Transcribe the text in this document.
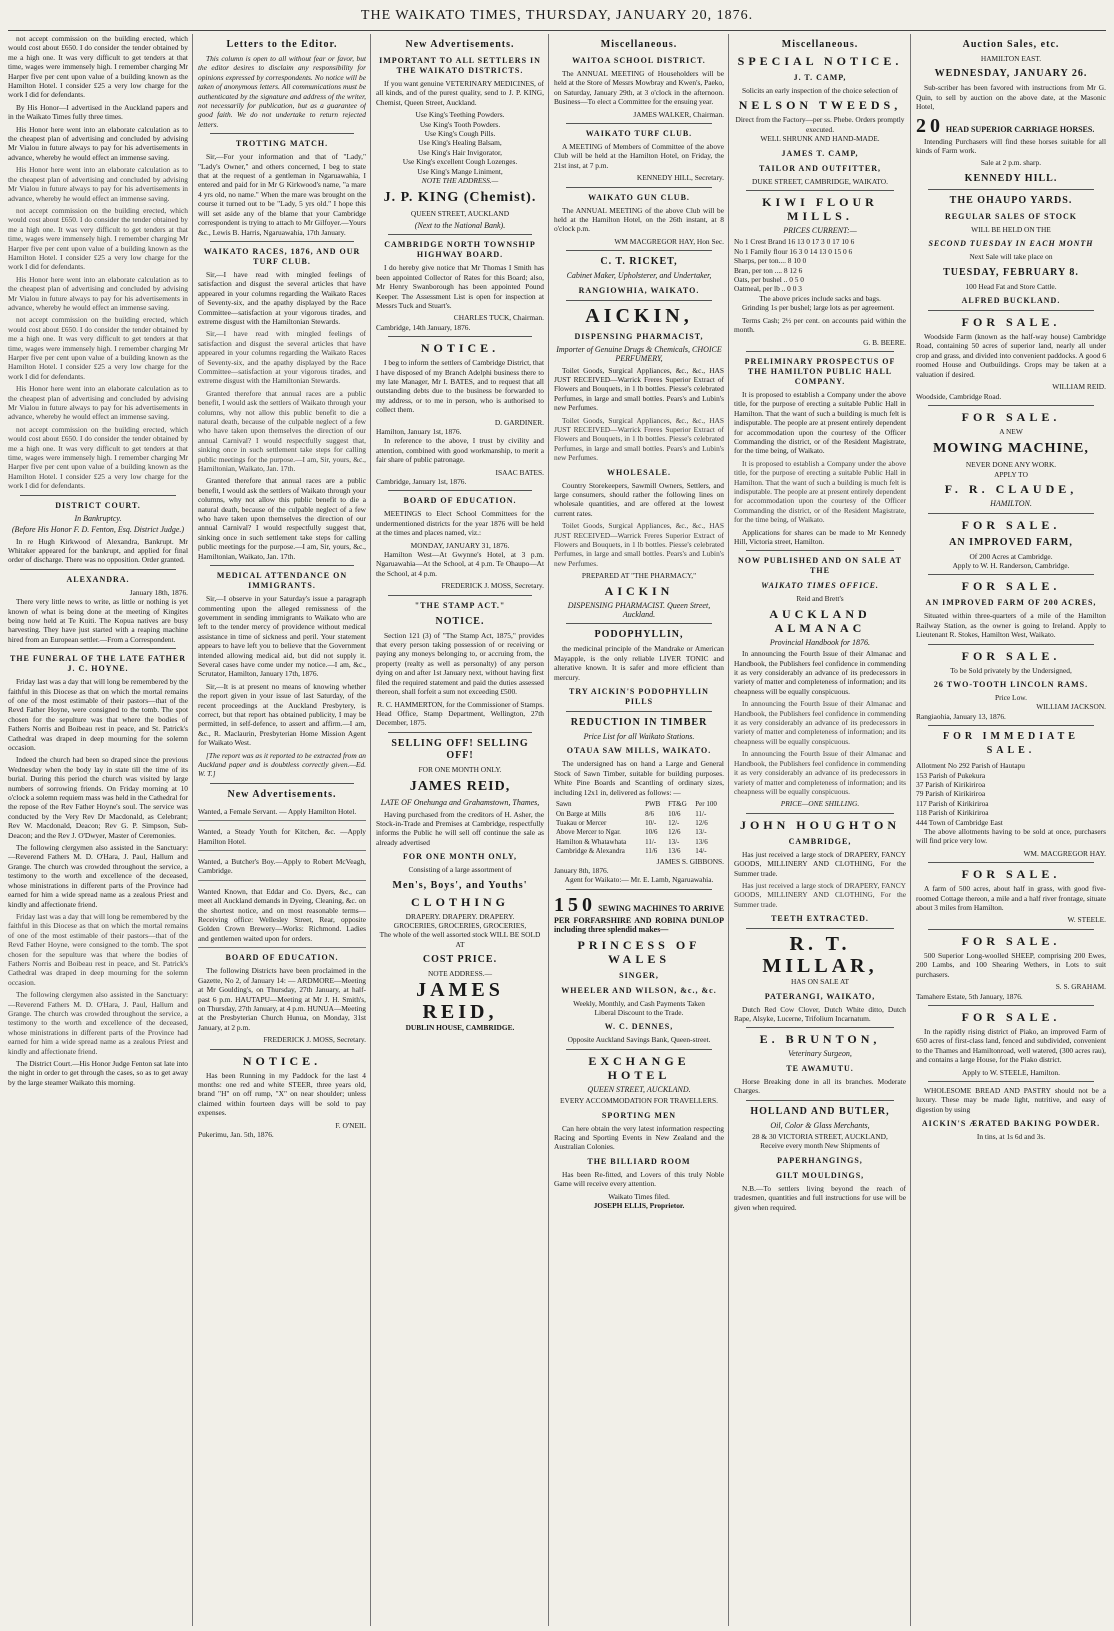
THE WAIKATO TIMES, THURSDAY, JANUARY 20, 1876.

not accept commission on the building erected, which would cost about £650. I do consider the tender obtained by me a high one. It was very difficult to get tenders at that time, wages were immensely high. I remember charging Mr Harper five per cent upon value of a building known as the Hamilton Hotel. I consider £25 a very low charge for the work I did for defendants.

By His Honor—I advertised in the Auckland papers and in the Waikato Times fully three times.

His Honor here went into an elaborate calculation as to the cheapest plan of advertising and concluded by advising Mr Vialou in future always to pay for his advertisements in advance, whereby he would effect an immense saving.

His Honor here went into an elaborate calculation as to the cheapest plan of advertising and concluded by advising Mr Vialou in future always to pay for his advertisements in advance, whereby he would effect an immense saving.

not accept commission on the building erected, which would cost about £650. I do consider the tender obtained by me a high one. It was very difficult to get tenders at that time, wages were immensely high. I remember charging Mr Harper five per cent upon value of a building known as the Hamilton Hotel. I consider £25 a very low charge for the work I did for defendants.

His Honor here went into an elaborate calculation as to the cheapest plan of advertising and concluded by advising Mr Vialou in future always to pay for his advertisements in advance, whereby he would effect an immense saving.

not accept commission on the building erected, which would cost about £650. I do consider the tender obtained by me a high one. It was very difficult to get tenders at that time, wages were immensely high. I remember charging Mr Harper five per cent upon value of a building known as the Hamilton Hotel. I consider £25 a very low charge for the work I did for defendants.

His Honor here went into an elaborate calculation as to the cheapest plan of advertising and concluded by advising Mr Vialou in future always to pay for his advertisements in advance, whereby he would effect an immense saving.

not accept commission on the building erected, which would cost about £650. I do consider the tender obtained by me a high one. It was very difficult to get tenders at that time, wages were immensely high. I remember charging Mr Harper five per cent upon value of a building known as the Hamilton Hotel. I consider £25 a very low charge for the work I did for defendants.

DISTRICT COURT.
In Bankruptcy.
(Before His Honor F. D. Fenton, Esq. District Judge.)

In re Hugh Kirkwood of Alexandra, Bankrupt. Mr Whitaker appeared for the bankrupt, and applied for final order of discharge. There was no opposition. Order granted.

ALEXANDRA.
January 18th, 1876.

There very little news to write, as little or nothing is yet known of what is being done at the meeting of Kingites being now held at Te Kuiti. The Kopua natives are busy harvesting. They have just started with a reaping machine hired from an European settler.—From a Correspondent.

THE FUNERAL OF THE LATE FATHER J. C. HOYNE.

Friday last was a day that will long be remembered by the faithful in this Diocese as that on which the mortal remains of one of the most estimable of their pastors—that of the Revd Father Hoyne, were consigned to the tomb. The spot chosen for the sepulture was that where the bodies of Fathers Norris and Boibeau rest in peace, and St. Patrick's Cathedral was draped in deep mourning for the solemn occasion.

Indeed the church had been so draped since the previous Wednesday when the body lay in state till the time of its burial. During this period the church was visited by large numbers of sorrowing friends. On Friday morning at 10 o'clock a solemn requiem mass was held in the Cathedral for the repose of the Rev Father Hoyne's soul. The service was conducted by the Very Rev Dr Macdonald, as Celebrant; Rev W. Macdonald, Deacon; Rev G. P. Simpson, Sub-Deacon; and the Rev J. O'Dwyer, Master of Ceremonies.

The following clergymen also assisted in the Sanctuary:—Reverend Fathers M. D. O'Hara, J. Paul, Hallum and Grange. The church was crowded throughout the service, a testimony to the worth and excellence of the deceased, whose ministrations in different parts of the Province had earned for him a wide spread name as a zealous Priest and kindly and affectionate friend.

Friday last was a day that will long be remembered by the faithful in this Diocese as that on which the mortal remains of one of the most estimable of their pastors—that of the Revd Father Hoyne, were consigned to the tomb. The spot chosen for the sepulture was that where the bodies of Fathers Norris and Boibeau rest in peace, and St. Patrick's Cathedral was draped in deep mourning for the solemn occasion.

The following clergymen also assisted in the Sanctuary:—Reverend Fathers M. D. O'Hara, J. Paul, Hallum and Grange. The church was crowded throughout the service, a testimony to the worth and excellence of the deceased, whose ministrations in different parts of the Province had earned for him a wide spread name as a zealous Priest and kindly and affectionate friend.

The District Court.—His Honor Judge Fenton sat late into the night in order to get through the cases, so as to get away by the large steamer Waikato this morning.

Letters to the Editor.

This column is open to all without fear or favor, but the editor desires to disclaim any responsibility for opinions expressed by correspondents. No notice will be taken of anonymous letters. All communications must be authenticated by the signature and address of the writer, not necessarily for publication, but as a guarantee of good faith. We do not undertake to return rejected letters.

TROTTING MATCH.

Sir,—For your information and that of "Lady," "Lady's Owner," and others concerned, I beg to state that at the request of a gentleman in Ngaruawahia, I entered and paid for in Mr G Kirkwood's name, "a mare 4 yrs old, no name." When the mare was brought on the course it turned out to be "Lady, 5 yrs old." I hope this will set aside any of the blame that your Cambridge correspondent is trying to attach to Mr Gilfoyer.—Yours &c., Lewis B. Harris, Ngaruawahia, 17th January.

WAIKATO RACES, 1876, AND OUR TURF CLUB.

Sir,—I have read with mingled feelings of satisfaction and disgust the several articles that have appeared in your columns regarding the Waikato Races of Seventy-six, and the apathy displayed by the Race Committee—satisfaction at your vigorous tirades, and extreme disgust with the Hamiltonian Stewards.

Sir,—I have read with mingled feelings of satisfaction and disgust the several articles that have appeared in your columns regarding the Waikato Races of Seventy-six, and the apathy displayed by the Race Committee—satisfaction at your vigorous tirades, and extreme disgust with the Hamiltonian Stewards.

Granted therefore that annual races are a public benefit, I would ask the settlers of Waikato through your columns, why not allow this public benefit to die a natural death, because of the culpable neglect of a few who have taken upon themselves the direction of our annual Carnival? I would respectfully suggest that, sinking once in such settlement take steps for calling public meetings for the purpose.—I am, Sir, yours, &c., Hamiltonian, Waikato, Jan. 17th.

Granted therefore that annual races are a public benefit, I would ask the settlers of Waikato through your columns, why not allow this public benefit to die a natural death, because of the culpable neglect of a few who have taken upon themselves the direction of our annual Carnival? I would respectfully suggest that, sinking once in such settlement take steps for calling public meetings for the purpose.—I am, Sir, yours, &c., Hamiltonian, Waikato, Jan. 17th.

MEDICAL ATTENDANCE ON IMMIGRANTS.

Sir,—I observe in your Saturday's issue a paragraph commenting upon the alleged remissness of the government in sending immigrants to Waikato who are left to the tender mercy of providence without medical assistance in time of sickness and peril. Your statement appears to have left you to believe that the Government intended allowing medical aid, but did not supply it. Several cases have come under my notice.—I am, &c., Scrutator, Hamilton, January 17th, 1876.

Sir,—It is at present no means of knowing whether the report given in your issue of last Saturday, of the recent proceedings at the Auckland Presbytery, is correct, but that report has obtained publicity, I may be permitted, in self-defence, to assert and affirm.—I am, &c., R. Maclaurin, Presbyterian Home Mission Agent for Waikato West.

[The report was as it reported to be extracted from an Auckland paper and is doubtless correctly given.—Ed. W. T.]

New Advertisements.
Wanted, a Female Servant. — Apply Hamilton Hotel.
Wanted, a Steady Youth for Kitchen, &c. —Apply Hamilton Hotel.
Wanted, a Butcher's Boy.—Apply to Robert McVeagh, Cambridge.
Wanted Known, that Eddar and Co. Dyers, &c., can meet all Auckland demands in Dyeing, Cleaning, &c. on the shortest notice, and on most reasonable terms—Receiving office: Wellesley Street, Rear, opposite Golden Crown Brewery—Works: Richmond. Ladies and gentlemen waited upon for orders.
BOARD OF EDUCATION.

The following Districts have been proclaimed in the Gazette, No 2, of January 14: — ARDMORE—Meeting at Mr Goulding's, on Thursday, 27th January, at half-past 6 p.m. HAUTAPU—Meeting at Mr J. H. Smith's, on Thursday, 27th January, at 4 p.m. HUNUA—Meeting at the Presbyterian Church Hunua, on Monday, 31st January, at 2 p.m.

FREDERICK J. MOSS, Secretary.
NOTICE.

Has been Running in my Paddock for the last 4 months: one red and white STEER, three years old, brand "H" on off rump, "X" on near shoulder; unless claimed within fourteen days will be sold to pay expenses.

F. O'NEIL
Pukerimu, Jan. 5th, 1876.
New Advertisements.
IMPORTANT TO ALL SETTLERS IN THE WAIKATO DISTRICTS.

If you want genuine VETERINARY MEDICINES, of all kinds, and of the purest quality, send to J. P. KING, Chemist, Queen Street, Auckland.

Use King's Teething Powders.
Use King's Tooth Powders.
Use King's Cough Pills.
Use King's Healing Balsam,
Use King's Hair Invigorator,
Use King's excellent Cough Lozenges.
Use King's Mange Liniment,
NOTE THE ADDRESS.—
J. P. KING (Chemist).
QUEEN STREET, AUCKLAND
(Next to the National Bank).
CAMBRIDGE NORTH TOWNSHIP HIGHWAY BOARD.

I do hereby give notice that Mr Thomas I Smith has been appointed Collector of Rates for this Board; also, Mr Henry Swanborough has been appointed Pound Keeper. The Assessment List is open for inspection at Messrs Tuck and Stuart's.

CHARLES TUCK, Chairman.
Cambridge, 14th January, 1876.
NOTICE.

I beg to inform the settlers of Cambridge District, that I have disposed of my Branch Adelphi business there to my late Manager, Mr I. BATES, and to request that all outstanding debts due to the business be forwarded to my address, or to me in person, who is authorised to collect them.

D. GARDINER.
Hamilton, January 1st, 1876.

In reference to the above, I trust by civility and attention, combined with good workmanship, to merit a fair share of public patronage.

ISAAC BATES.
Cambridge, January 1st, 1876.
BOARD OF EDUCATION.

MEETINGS to Elect School Committees for the undermentioned districts for the year 1876 will be held at the times and places named, viz.:

MONDAY, JANUARY 31, 1876.

Hamilton West—At Gwynne's Hotel, at 3 p.m. Ngaruawahia—At the School, at 4 p.m. Te Ohaupo—At the School, at 4 p.m.

FREDERICK J. MOSS, Secretary.
"THE STAMP ACT."
NOTICE.

Section 121 (3) of "The Stamp Act, 1875," provides that every person taking possession of or receiving or paying any moneys belonging to, or accruing from, the property (realty as well as personalty) of any person dying on and after 1st January next, without having first filed the required statement and paid the duties assessed thereon, shall forfeit a sum not exceeding £500.

R. C. HAMMERTON, for the Commissioner of Stamps.
Head Office, Stamp Department, Wellington, 27th December, 1875.
SELLING OFF! SELLING OFF!
FOR ONE MONTH ONLY.
JAMES REID,
LATE OF Onehunga and Grahamstown, Thames,

Having purchased from the creditors of H. Asher, the Stock-in-Trade and Premises at Cambridge, respectfully informs the Public he will sell off continue the sale as already advertised

FOR ONE MONTH ONLY,
Consisting of a large assortment of
Men's, Boys', and Youths'
CLOTHING
DRAPERY. DRAPERY. DRAPERY.
GROCERIES, GROCERIES, GROCERIES,
The whole of the well assorted stock WILL BE SOLD AT
COST PRICE.
NOTE ADDRESS.—
JAMES REID,
DUBLIN HOUSE, CAMBRIDGE.
Miscellaneous.
WAITOA SCHOOL DISTRICT.

The ANNUAL MEETING of Householders will be held at the Store of Messrs Mowbray and Kwen's, Paeko, on Saturday, January 29th, at 3 o'clock in the afternoon. Business—To elect a Committee for the ensuing year.

JAMES WALKER, Chairman.
WAIKATO TURF CLUB.

A MEETING of Members of Committee of the above Club will be held at the Hamilton Hotel, on Friday, the 21st inst, at 7 p.m.

KENNEDY HILL, Secretary.
WAIKATO GUN CLUB.

The ANNUAL MEETING of the above Club will be held at the Hamilton Hotel, on the 26th instant, at 8 o'clock p.m.

WM MACGREGOR HAY, Hon Sec.
C. T. RICKET,
Cabinet Maker, Upholsterer, and Undertaker,
RANGIOWHIA, WAIKATO.
AICKIN,
DISPENSING PHARMACIST,
Importer of Genuine Drugs & Chemicals, CHOICE PERFUMERY,

Toilet Goods, Surgical Appliances, &c., &c., HAS JUST RECEIVED—Warrick Freres Superior Extract of Flowers and Bouquets, in 1 lb bottles. Piesse's celebrated Perfumes, in large and small bottles. Pears's and Lubin's new Perfumes.

Toilet Goods, Surgical Appliances, &c., &c., HAS JUST RECEIVED—Warrick Freres Superior Extract of Flowers and Bouquets, in 1 lb bottles. Piesse's celebrated Perfumes, in large and small bottles. Pears's and Lubin's new Perfumes.

WHOLESALE.

Country Storekeepers, Sawmill Owners, Settlers, and large consumers, should rather the following lines on wholesale quantities, and are offered at the lowest current rates.

Toilet Goods, Surgical Appliances, &c., &c., HAS JUST RECEIVED—Warrick Freres Superior Extract of Flowers and Bouquets, in 1 lb bottles. Piesse's celebrated Perfumes, in large and small bottles. Pears's and Lubin's new Perfumes.

PREPARED AT "THE PHARMACY,"
AICKIN
DISPENSING PHARMACIST. Queen Street, Auckland.
PODOPHYLLIN,

the medicinal principle of the Mandrake or American Mayapple, is the only reliable LIVER TONIC and alterative known. It is safer and more efficient than mercury.

TRY AICKIN'S PODOPHYLLIN PILLS
REDUCTION IN TIMBER
Price List for all Waikato Stations.
OTAUA SAW MILLS, WAIKATO.

The undersigned has on hand a Large and General Stock of Sawn Timber, suitable for building purposes. White Pine Boards and Scantling of ordinary sizes, including 12x1 in, delivered as follows: —

Sawn	PWB	FT&G	Per 100
On Barge at Mills	8/6	10/6	11/-
Tuakau or Mercer	10/-	12/-	12/6
Above Mercer to Ngar.	10/6	12/6	13/-
Hamilton & Whatawhata	11/-	13/-	13/6
Cambridge & Alexandra	11/6	13/6	14/-
JAMES S. GIBBONS.
January 8th, 1876.
Agent for Waikato:— Mr. E. Lamb, Ngaruawahia.
150 SEWING MACHINES TO ARRIVE PER FORFARSHIRE AND ROBINA DUNLOP including three splendid makes—
PRINCESS OF WALES
SINGER,
WHEELER AND WILSON, &c., &c.
Weekly, Monthly, and Cash Payments Taken
Liberal Discount to the Trade.
W. C. DENNES,
Opposite Auckland Savings Bank, Queen-street.
EXCHANGE HOTEL
QUEEN STREET, AUCKLAND.
EVERY ACCOMMODATION FOR TRAVELLERS.
SPORTING MEN

Can here obtain the very latest information respecting Racing and Sporting Events in New Zealand and the Australian Colonies.

THE BILLIARD ROOM

Has been Re-fitted, and Lovers of this truly Noble Game will receive every attention.

Waikato Times filed.
JOSEPH ELLIS, Proprietor.
Miscellaneous.
SPECIAL NOTICE.
J. T. CAMP,
Solicits an early inspection of the choice selection of
NELSON TWEEDS,
Direct from the Factory—per ss. Phebe. Orders promptly executed.
WELL SHRUNK AND HAND-MADE.
JAMES T. CAMP,
TAILOR AND OUTFITTER,
DUKE STREET, CAMBRIDGE, WAIKATO.
KIWI FLOUR MILLS.
PRICES CURRENT:—
No 1 Crest Brand 16 13 0 17 3 0 17 10 6
No 1 Family flour 16 3 0 14 13 0 15 0 6
Sharps, per ton.... 8 10 0
Bran, per ton .... 8 12 6
Oats, per bushel .. 0 5 0
Oatmeal, per lb .. 0 0 3
The above prices include sacks and bags.

Grinding 1s per bushel; large lots as per agreement.

Terms Cash; 2½ per cent. on accounts paid within the month.

G. B. BEERE.
PRELIMINARY PROSPECTUS OF THE HAMILTON PUBLIC HALL COMPANY.

It is proposed to establish a Company under the above title, for the purpose of erecting a suitable Public Hall in Hamilton. That the want of such a building is much felt is indisputable. The people are at present entirely dependent for accommodation upon the courtesy of the Officer Commanding the district, or of the Resident Magistrate, for the time being, of Waikato.

It is proposed to establish a Company under the above title, for the purpose of erecting a suitable Public Hall in Hamilton. That the want of such a building is much felt is indisputable. The people are at present entirely dependent for accommodation upon the courtesy of the Officer Commanding the district, or of the Resident Magistrate, for the time being, of Waikato.

Applications for shares can be made to Mr Kennedy Hill, Victoria street, Hamilton.

NOW PUBLISHED AND ON SALE AT THE
WAIKATO TIMES OFFICE.
Reid and Brett's
AUCKLAND ALMANAC
Provincial Handbook for 1876.

In announcing the Fourth Issue of their Almanac and Handbook, the Publishers feel confidence in commending it as very considerably an advance of its predecessors in variety of matter and completeness of information; and its cheapness will be equally conspicuous.

In announcing the Fourth Issue of their Almanac and Handbook, the Publishers feel confidence in commending it as very considerably an advance of its predecessors in variety of matter and completeness of information; and its cheapness will be equally conspicuous.

In announcing the Fourth Issue of their Almanac and Handbook, the Publishers feel confidence in commending it as very considerably an advance of its predecessors in variety of matter and completeness of information; and its cheapness will be equally conspicuous.

PRICE—ONE SHILLING.
JOHN HOUGHTON
CAMBRIDGE,

Has just received a large stock of DRAPERY, FANCY GOODS, MILLINERY AND CLOTHING, For the Summer trade.

Has just received a large stock of DRAPERY, FANCY GOODS, MILLINERY AND CLOTHING, For the Summer trade.

TEETH EXTRACTED.
R. T. MILLAR,
HAS ON SALE AT
PATERANGI, WAIKATO,

Dutch Red Cow Clover, Dutch White ditto, Dutch Rape, Alsyke, Lucerne, Trifolium Incarnatum.

E. BRUNTON,
Veterinary Surgeon,
TE AWAMUTU.

Horse Breaking done in all its branches. Moderate Charges.

HOLLAND AND BUTLER,
Oil, Color & Glass Merchants,
28 & 30 VICTORIA STREET, AUCKLAND,
Receive every month New Shipments of
PAPERHANGINGS,
GILT MOULDINGS,

N.B.—To settlers living beyond the reach of tradesmen, quantities and full instructions for use will be given when required.

Auction Sales, etc.
HAMILTON EAST.
WEDNESDAY, JANUARY 26.

Sub-scriber has been favored with instructions from Mr G. Quin, to sell by auction on the above date, at the Masonic Hotel,

20 HEAD SUPERIOR CARRIAGE HORSES.

Intending Purchasers will find these horses suitable for all kinds of Farm work.

Sale at 2 p.m. sharp.
KENNEDY HILL.
THE OHAUPO YARDS.
REGULAR SALES OF STOCK
WILL BE HELD ON THE
SECOND TUESDAY IN EACH MONTH
Next Sale will take place on
TUESDAY, FEBRUARY 8.
100 Head Fat and Store Cattle.
ALFRED BUCKLAND.
FOR SALE.

Woodside Farm (known as the half-way house) Cambridge Road, containing 50 acres of superior land, nearly all under crop and grass, and divided into convenient paddocks. A good 6 roomed House and Outbuildings. Crops may be taken at a valuation if desired.

WILLIAM REID.
Woodside, Cambridge Road.
FOR SALE.
A NEW
MOWING MACHINE,
NEVER DONE ANY WORK.
APPLY TO
F. R. CLAUDE,
HAMILTON.
FOR SALE.
AN IMPROVED FARM,
Of 200 Acres at Cambridge.
Apply to W. H. Randerson, Cambridge.
FOR SALE.
AN IMPROVED FARM OF 200 ACRES,

Situated within three-quarters of a mile of the Hamilton Railway Station, as the owner is going to Ireland. Apply to Lieutenant R. Stokes, Hamilton West, Waikato.

FOR SALE.
To be Sold privately by the Undersigned,
26 TWO-TOOTH LINCOLN RAMS.
Price Low.
WILLIAM JACKSON.
Rangiaohia, January 13, 1876.
FOR IMMEDIATE SALE.
Allotment No 292 Parish of Hautapu
153 Parish of Pukekura
37 Parish of Kirikiriroa
79 Parish of Kirikiriroa
117 Parish of Kirikiriroa
118 Parish of Kirikiriroa
444 Town of Cambridge East

The above allotments having to be sold at once, purchasers will find price very low.

WM. MACGREGOR HAY.
FOR SALE.

A farm of 500 acres, about half in grass, with good five-roomed Cottage thereon, a mile and a half river frontage, situate about 3 miles from Hamilton.

W. STEELE.
FOR SALE.

500 Superior Long-woolled SHEEP, comprising 200 Ewes, 200 Lambs, and 100 Shearing Wethers, in Lots to suit purchasers.

S. S. GRAHAM.
Tamahere Estate, 5th January, 1876.
FOR SALE.

In the rapidly rising district of Piako, an improved Farm of 650 acres of first-class land, fenced and subdivided, convenient to the Thames and Hamiltonroad, well watered, (300 acres rau), and contains a large House, for the Piako district.

Apply to W. STEELE, Hamilton.

WHOLESOME BREAD AND PASTRY should not be a luxury. These may be made light, nutritive, and easy of digestion by using

AICKIN'S ÆRATED BAKING POWDER.
In tins, at 1s 6d and 3s.
